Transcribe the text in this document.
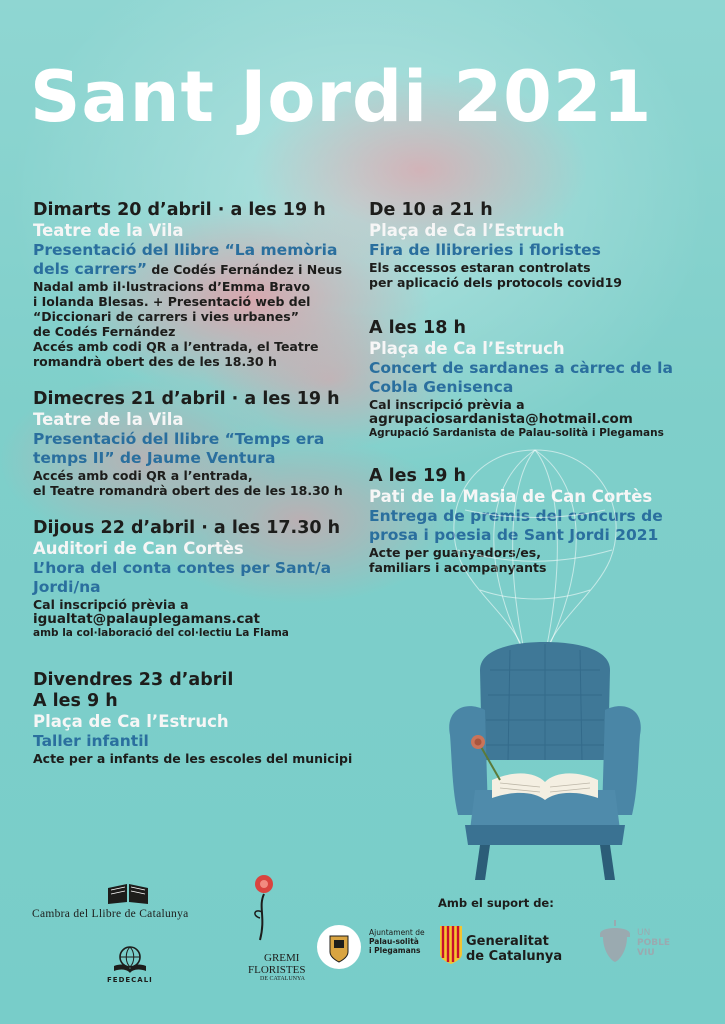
Sant Jordi 2021
Dimarts 20 d’abril · a les 19 h
Teatre de la Vila
Presentació del llibre “La memòria dels carrers” de Codés Fernández i Neus
Nadal amb il·lustracions d’Emma Bravo
i Iolanda Blesas. + Presentació web del
“Diccionari de carrers i vies urbanes”
de Codés Fernández
Accés amb codi QR a l’entrada, el Teatre
romandrà obert des de les 18.30 h
Dimecres 21 d’abril · a les 19 h
Teatre de la Vila
Presentació del llibre “Temps era temps II” de Jaume Ventura
Accés amb codi QR a l’entrada,
el Teatre romandrà obert des de les 18.30 h
Dijous 22 d’abril · a les 17.30 h
Auditori de Can Cortès
L’hora del conta contes per Sant/a Jordi/na
Cal inscripció prèvia a
igualtat@palauplegamans.cat
amb la col·laboració del col·lectiu La Flama
Divendres 23 d’abril
A les 9 h
Plaça de Ca l’Estruch
Taller infantil
Acte per a infants de les escoles del municipi
De 10 a 21 h
Plaça de Ca l’Estruch
Fira de llibreries i floristes
Els accessos estaran controlats
per aplicació dels protocols covid19
A les 18 h
Plaça de Ca l’Estruch
Concert de sardanes a càrrec de la Cobla Genisenca
Cal inscripció prèvia a
agrupaciosardanista@hotmail.com
Agrupació Sardanista de Palau-solità i Plegamans
A les 19 h
Pati de la Masia de Can Cortès
Entrega de premis del concurs de prosa i poesia de Sant Jordi 2021
Acte per guanyadors/es,
familiars i acompanyants
Cambra del Llibre de Catalunya
FEDECALI
GREMI
FLORISTES
DE CATALUNYA
Amb el suport de:
Ajuntament de
Palau-solità
i Plegamans
Generalitat
de Catalunya
UN
POBLE
VIU
